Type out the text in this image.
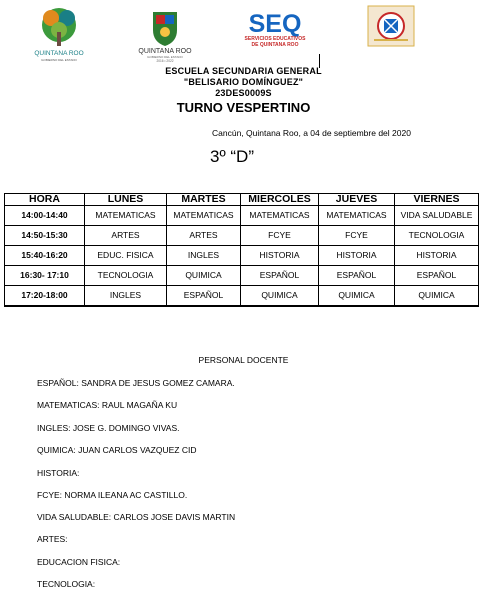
QUINTANA ROO
GOBIERNO DEL ESTADO
QUINTANA ROO
GOBIERNO DEL ESTADO
2016 • 2022
SEQ
SERVICIOS EDUCATIVOS
DE QUINTANA ROO
ESCUELA SECUNDARIA GENERAL
"BELISARIO DOMÍNGUEZ"
23DES0009S
TURNO VESPERTINO
Cancún, Quintana Roo, a 04 de septiembre del 2020
3º “D”
HORA	LUNES	MARTES	MIERCOLES	JUEVES	VIERNES
14:00-14:40	MATEMATICAS	MATEMATICAS	MATEMATICAS	MATEMATICAS	VIDA SALUDABLE
14:50-15:30	ARTES	ARTES	FCYE	FCYE	TECNOLOGIA
15:40-16:20	EDUC. FISICA	INGLES	HISTORIA	HISTORIA	HISTORIA
16:30- 17:10	TECNOLOGIA	QUIMICA	ESPAÑOL	ESPAÑOL	ESPAÑOL
17:20-18:00	INGLES	ESPAÑOL	QUIMICA	QUIMICA	QUIMICA
PERSONAL DOCENTE
ESPAÑOL: SANDRA DE JESUS GOMEZ CAMARA.
MATEMATICAS: RAUL MAGAÑA KU
INGLES: JOSE G. DOMINGO VIVAS.
QUIMICA: JUAN CARLOS VAZQUEZ CID
HISTORIA:
FCYE: NORMA ILEANA AC CASTILLO.
VIDA SALUDABLE: CARLOS JOSE DAVIS MARTIN
ARTES:
EDUCACION FISICA:
TECNOLOGIA:
